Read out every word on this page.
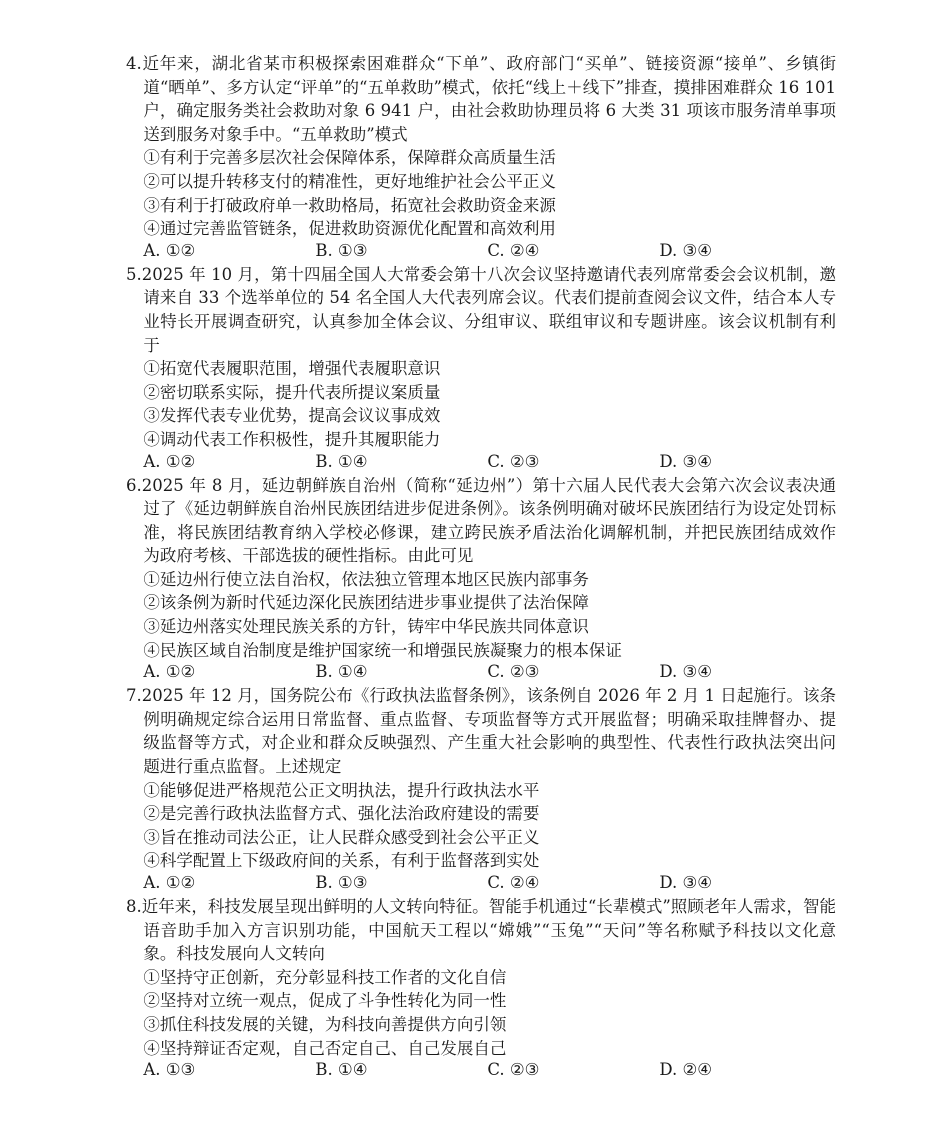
4.近年来，湖北省某市积极探索困难群众“下单”、政府部门“买单”、链接资源“接单”、乡镇街道“晒单”、多方认定“评单”的“五单救助”模式，依托“线上＋线下”排查，摸排困难群众 16 101 户，确定服务类社会救助对象 6 941 户，由社会救助协理员将 6 大类 31 项该市服务清单事项送到服务对象手中。“五单救助”模式

①有利于完善多层次社会保障体系，保障群众高质量生活

②可以提升转移支付的精准性，更好地维护社会公平正义

③有利于打破政府单一救助格局，拓宽社会救助资金来源

④通过完善监管链条，促进救助资源优化配置和高效利用

A. ①②	B. ①③	C. ②④	D. ③④

5.2025 年 10 月，第十四届全国人大常委会第十八次会议坚持邀请代表列席常委会会议机制，邀请来自 33 个选举单位的 54 名全国人大代表列席会议。代表们提前查阅会议文件，结合本人专业特长开展调查研究，认真参加全体会议、分组审议、联组审议和专题讲座。该会议机制有利于

①拓宽代表履职范围，增强代表履职意识

②密切联系实际，提升代表所提议案质量

③发挥代表专业优势，提高会议议事成效

④调动代表工作积极性，提升其履职能力

A. ①②	B. ①④	C. ②③	D. ③④

6.2025 年 8 月，延边朝鲜族自治州（简称“延边州”）第十六届人民代表大会第六次会议表决通过了《延边朝鲜族自治州民族团结进步促进条例》。该条例明确对破坏民族团结行为设定处罚标准，将民族团结教育纳入学校必修课，建立跨民族矛盾法治化调解机制，并把民族团结成效作为政府考核、干部选拔的硬性指标。由此可见

①延边州行使立法自治权，依法独立管理本地区民族内部事务

②该条例为新时代延边深化民族团结进步事业提供了法治保障

③延边州落实处理民族关系的方针，铸牢中华民族共同体意识

④民族区域自治制度是维护国家统一和增强民族凝聚力的根本保证

A. ①②	B. ①④	C. ②③	D. ③④

7.2025 年 12 月，国务院公布《行政执法监督条例》，该条例自 2026 年 2 月 1 日起施行。该条例明确规定综合运用日常监督、重点监督、专项监督等方式开展监督；明确采取挂牌督办、提级监督等方式，对企业和群众反映强烈、产生重大社会影响的典型性、代表性行政执法突出问题进行重点监督。上述规定

①能够促进严格规范公正文明执法，提升行政执法水平

②是完善行政执法监督方式、强化法治政府建设的需要

③旨在推动司法公正，让人民群众感受到社会公平正义

④科学配置上下级政府间的关系，有利于监督落到实处

A. ①②	B. ①③	C. ②④	D. ③④

8.近年来，科技发展呈现出鲜明的人文转向特征。智能手机通过“长辈模式”照顾老年人需求，智能语音助手加入方言识别功能，中国航天工程以“嫦娥”“玉兔”“天问”等名称赋予科技以文化意象。科技发展向人文转向

①坚持守正创新，充分彰显科技工作者的文化自信

②坚持对立统一观点，促成了斗争性转化为同一性

③抓住科技发展的关键，为科技向善提供方向引领

④坚持辩证否定观，自己否定自己、自己发展自己

A. ①③	B. ①④	C. ②③	D. ②④
